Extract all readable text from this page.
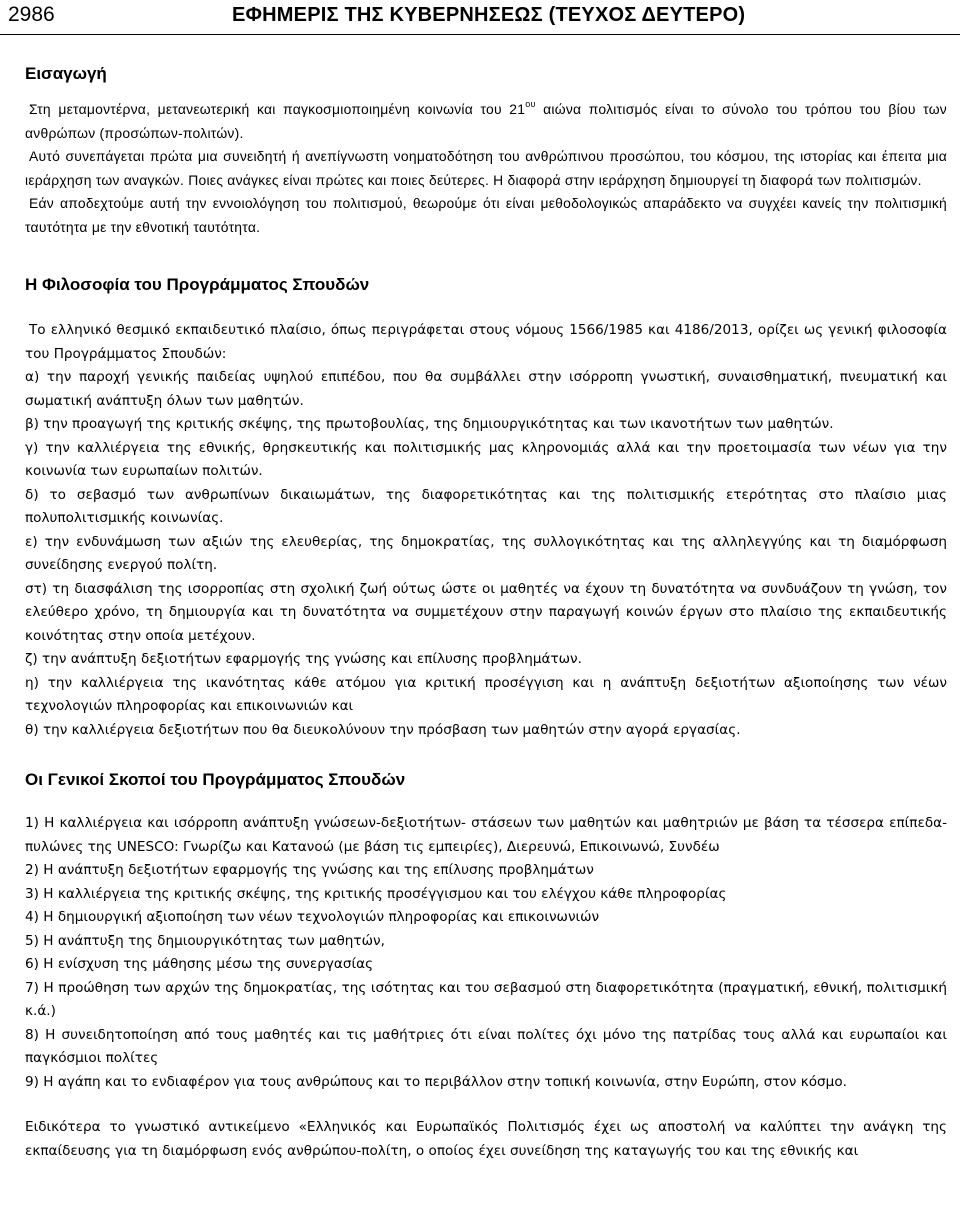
2986	ΕΦΗΜΕΡΙΣ ΤΗΣ ΚΥΒΕΡΝΗΣΕΩΣ (ΤΕΥΧΟΣ ΔΕΥΤΕΡΟ)
Εισαγωγή

Στη μεταμοντέρνα, μετανεωτερική και παγκοσμιοποιημένη κοινωνία του $21^{o\upsilon}$ αιώνα πολιτισμός είναι το σύνολο του τρόπου του βίου των ανθρώπων (προσώπων-πολιτών).

Αυτό συνεπάγεται πρώτα μια συνειδητή ή ανεπίγνωστη νοηματοδότηση του ανθρώπινου προσώπου, του κόσμου, της ιστορίας και έπειτα μια ιεράρχηση των αναγκών. Ποιες ανάγκες είναι πρώτες και ποιες δεύτερες. Η διαφορά στην ιεράρχηση δημιουργεί τη διαφορά των πολιτισμών.

Εάν αποδεχτούμε αυτή την εννοιολόγηση του πολιτισμού, θεωρούμε ότι είναι μεθοδολογικώς απαράδεκτο να συγχέει κανείς την πολιτισμική ταυτότητα με την εθνοτική ταυτότητα.

Η Φιλοσοφία του Προγράμματος Σπουδών

Το ελληνικό θεσμικό εκπαιδευτικό πλαίσιο, όπως περιγράφεται στους νόμους 1566/1985 και 4186/2013, ορίζει ως γενική φιλοσοφία του Προγράμματος Σπουδών:

α) την παροχή γενικής παιδείας υψηλού επιπέδου, που θα συμβάλλει στην ισόρροπη γνωστική, συναισθηματική, πνευματική και σωματική ανάπτυξη όλων των μαθητών.

β) την προαγωγή της κριτικής σκέψης, της πρωτοβουλίας, της δημιουργικότητας και των ικανοτήτων των μαθητών.

γ) την καλλιέργεια της εθνικής, θρησκευτικής και πολιτισμικής μας κληρονομιάς αλλά και την προετοιμασία των νέων για την κοινωνία των ευρωπαίων πολιτών.

δ) το σεβασμό των ανθρωπίνων δικαιωμάτων, της διαφορετικότητας και της πολιτισμικής ετερότητας στο πλαίσιο μιας πολυπολιτισμικής κοινωνίας.

ε) την ενδυνάμωση των αξιών της ελευθερίας, της δημοκρατίας, της συλλογικότητας και της αλληλεγγύης και τη διαμόρφωση συνείδησης ενεργού πολίτη.

στ) τη διασφάλιση της ισορροπίας στη σχολική ζωή ούτως ώστε οι μαθητές να έχουν τη δυνατότητα να συνδυάζουν τη γνώση, τον ελεύθερο χρόνο, τη δημιουργία και τη δυνατότητα να συμμετέχουν στην παραγωγή κοινών έργων στο πλαίσιο της εκπαιδευτικής κοινότητας στην οποία μετέχουν.

ζ) την ανάπτυξη δεξιοτήτων εφαρμογής της γνώσης και επίλυσης προβλημάτων.

η) την καλλιέργεια της ικανότητας κάθε ατόμου για κριτική προσέγγιση και η ανάπτυξη δεξιοτήτων αξιοποίησης των νέων τεχνολογιών πληροφορίας και επικοινωνιών και

θ) την καλλιέργεια δεξιοτήτων που θα διευκολύνουν την πρόσβαση των μαθητών στην αγορά εργασίας.

Οι Γενικοί Σκοποί του Προγράμματος Σπουδών

1) Η καλλιέργεια και ισόρροπη ανάπτυξη γνώσεων-δεξιοτήτων- στάσεων των μαθητών και μαθητριών με βάση τα τέσσερα επίπεδα-πυλώνες της UNESCO: Γνωρίζω και Κατανοώ (με βάση τις εμπειρίες), Διερευνώ, Επικοινωνώ, Συνδέω

2) Η ανάπτυξη δεξιοτήτων εφαρμογής της γνώσης και της επίλυσης προβλημάτων

3) Η καλλιέργεια της κριτικής σκέψης, της κριτικής προσέγγισμου και του ελέγχου κάθε πληροφορίας

4) Η δημιουργική αξιοποίηση των νέων τεχνολογιών πληροφορίας και επικοινωνιών

5) Η ανάπτυξη της δημιουργικότητας των μαθητών,

6) Η ενίσχυση της μάθησης μέσω της συνεργασίας

7) Η προώθηση των αρχών της δημοκρατίας, της ισότητας και του σεβασμού στη διαφορετικότητα (πραγματική, εθνική, πολιτισμική κ.ά.)

8) Η συνειδητοποίηση από τους μαθητές και τις μαθήτριες ότι είναι πολίτες όχι μόνο της πατρίδας τους αλλά και ευρωπαίοι και παγκόσμιοι πολίτες

9) Η αγάπη και το ενδιαφέρον για τους ανθρώπους και το περιβάλλον στην τοπική κοινωνία, στην Ευρώπη, στον κόσμο.

Ειδικότερα το γνωστικό αντικείμενο «Ελληνικός και Ευρωπαϊκός Πολιτισμός έχει ως αποστολή να καλύπτει την ανάγκη της εκπαίδευσης για τη διαμόρφωση ενός ανθρώπου-πολίτη, ο οποίος έχει συνείδηση της καταγωγής του και της εθνικής και
